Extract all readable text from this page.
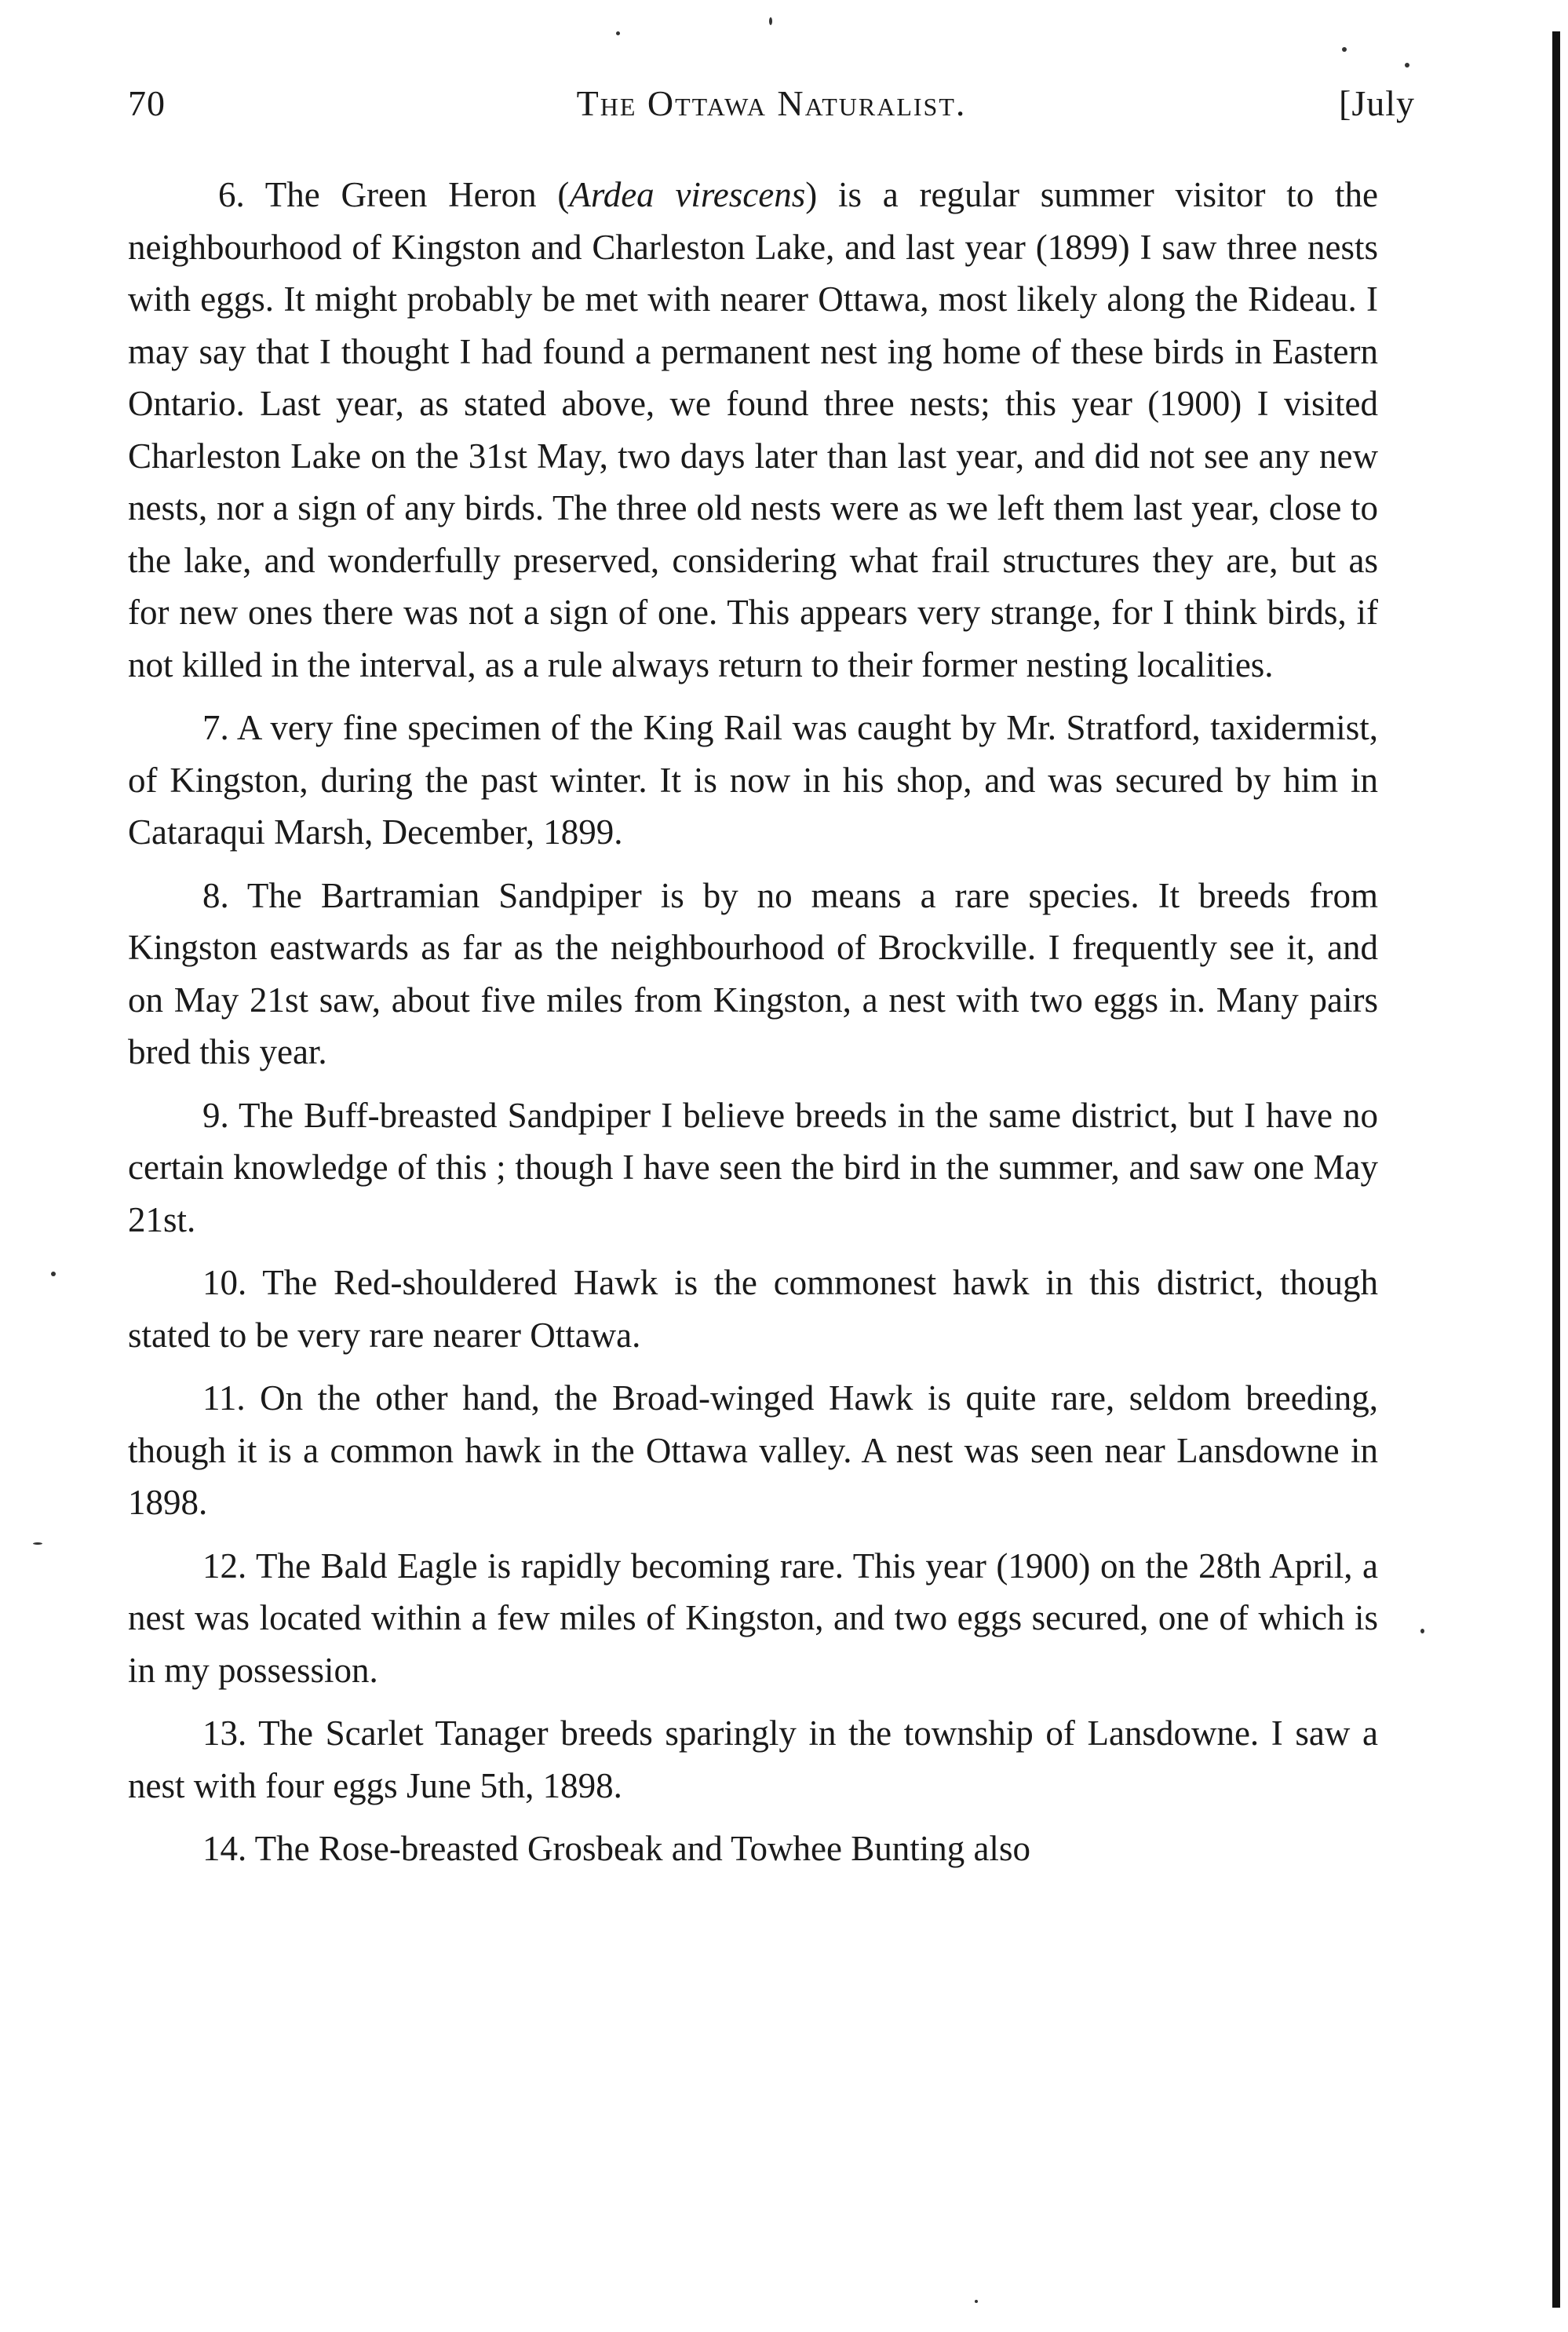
70	The Ottawa Naturalist.	[July

6. The Green Heron (Ardea virescens) is a regular summer visitor to the neighbourhood of Kingston and Charleston Lake, and last year (1899) I saw three nests with eggs. It might probably be met with nearer Ottawa, most likely along the Rideau. I may say that I thought I had found a permanent nest ing home of these birds in Eastern Ontario. Last year, as stated above, we found three nests; this year (1900) I visited Charleston Lake on the 31st May, two days later than last year, and did not see any new nests, nor a sign of any birds. The three old nests were as we left them last year, close to the lake, and wonderfully preserved, considering what frail structures they are, but as for new ones there was not a sign of one. This appears very strange, for I think birds, if not killed in the interval, as a rule always return to their former nesting localities.

7. A very fine specimen of the King Rail was caught by Mr. Stratford, taxidermist, of Kingston, during the past winter. It is now in his shop, and was secured by him in Cataraqui Marsh, December, 1899.

8. The Bartramian Sandpiper is by no means a rare species. It breeds from Kingston eastwards as far as the neighbourhood of Brockville. I frequently see it, and on May 21st saw, about five miles from Kingston, a nest with two eggs in. Many pairs bred this year.

9. The Buff-breasted Sandpiper I believe breeds in the same district, but I have no certain knowledge of this ; though I have seen the bird in the summer, and saw one May 21st.

10. The Red-shouldered Hawk is the commonest hawk in this district, though stated to be very rare nearer Ottawa.

11. On the other hand, the Broad-winged Hawk is quite rare, seldom breeding, though it is a common hawk in the Ottawa valley. A nest was seen near Lansdowne in 1898.

12. The Bald Eagle is rapidly becoming rare. This year (1900) on the 28th April, a nest was located within a few miles of Kingston, and two eggs secured, one of which is in my possession.

13. The Scarlet Tanager breeds sparingly in the township of Lansdowne. I saw a nest with four eggs June 5th, 1898.

14. The Rose-breasted Grosbeak and Towhee Bunting also
